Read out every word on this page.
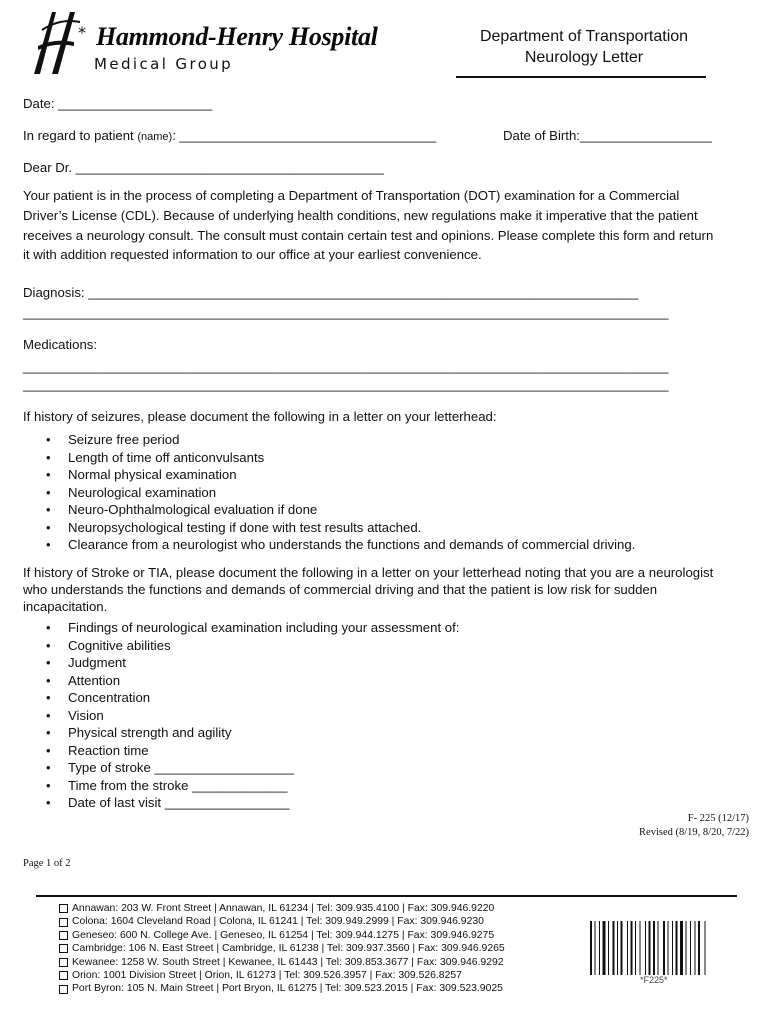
* Hammond-Henry Hospital
Medical Group
Department of Transportation
Neurology Letter
Date: _____________________
In regard to patient (name): ___________________________________	Date of Birth:__________________
Dear Dr. __________________________________________
Your patient is in the process of completing a Department of Transportation (DOT) examination for a Commercial
Driver’s License (CDL). Because of underlying health conditions, new regulations make it imperative that the patient
receives a neurology consult. The consult must contain certain test and opinions. Please complete this form and return
it with addition requested information to our office at your earliest convenience.
Diagnosis: ___________________________________________________________________________
________________________________________________________________________________________
Medications:
________________________________________________________________________________________
________________________________________________________________________________________
If history of seizures, please document the following in a letter on your letterhead:
• Seizure free period
• Length of time off anticonvulsants
• Normal physical examination
• Neurological examination
• Neuro-Ophthalmological evaluation if done
• Neuropsychological testing if done with test results attached.
• Clearance from a neurologist who understands the functions and demands of commercial driving.
If history of Stroke or TIA, please document the following in a letter on your letterhead noting that you are a neurologist
who understands the functions and demands of commercial driving and that the patient is low risk for sudden
incapacitation.
• Findings of neurological examination including your assessment of:
• Cognitive abilities
• Judgment
• Attention
• Concentration
• Vision
• Physical strength and agility
• Reaction time
• Type of stroke ___________________
• Time from the stroke _____________
• Date of last visit _________________
F- 225 (12/17)
Revised (8/19, 8/20, 7/22)
Page 1 of 2
Annawan: 203 W. Front Street | Annawan, IL 61234 | Tel: 309.935.4100 | Fax: 309.946.9220
Colona: 1604 Cleveland Road | Colona, IL 61241 | Tel: 309.949.2999 | Fax: 309.946.9230
Geneseo: 600 N. College Ave. | Geneseo, IL 61254 | Tel: 309.944.1275 | Fax: 309.946.9275
Cambridge: 106 N. East Street | Cambridge, IL 61238 | Tel: 309.937.3560 | Fax: 309.946.9265
Kewanee: 1258 W. South Street | Kewanee, IL 61443 | Tel: 309.853.3677 | Fax: 309.946.9292
Orion: 1001 Division Street | Orion, IL 61273 | Tel: 309.526.3957 | Fax: 309.526.8257
Port Byron: 105 N. Main Street | Port Bryon, IL 61275 | Tel: 309.523.2015 | Fax: 309.523.9025
*F225*
